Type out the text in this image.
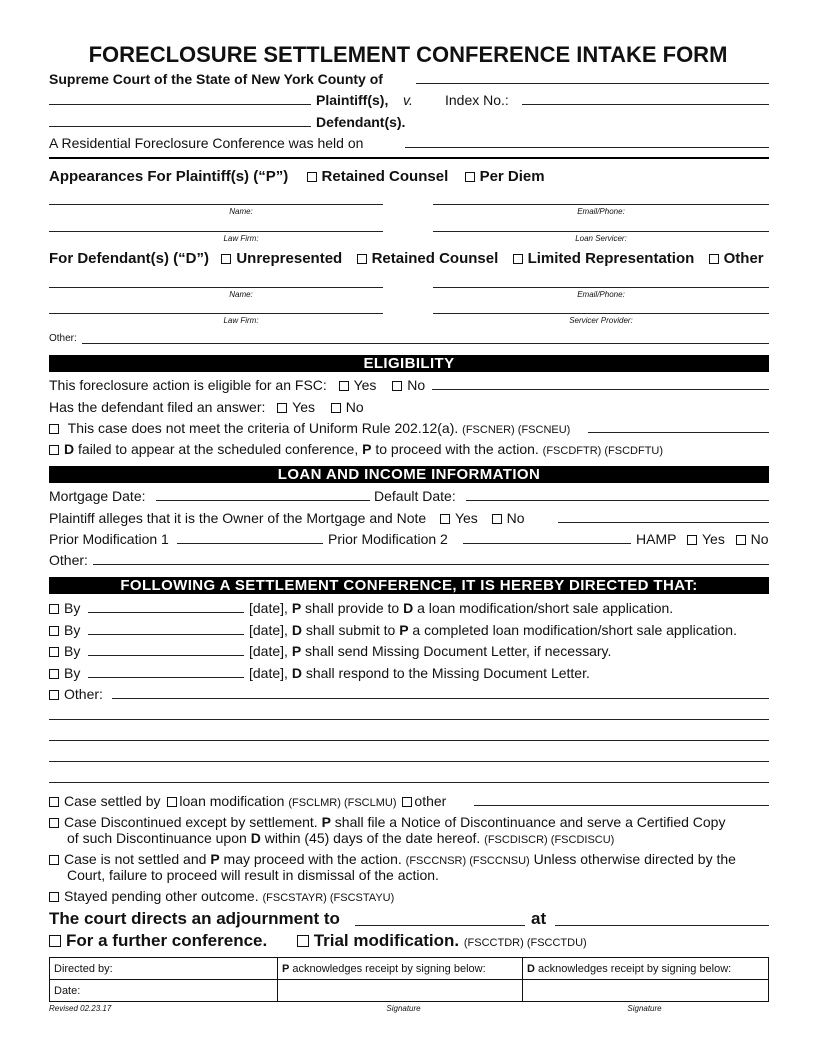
FORECLOSURE SETTLEMENT CONFERENCE INTAKE FORM
Supreme Court of the State of New York County of
Plaintiff(s), v. Index No.:
Defendant(s).
A Residential Foreclosure Conference was held on
Appearances For Plaintiff(s) (“P”) Retained Counsel Per Diem
Name:	Email/Phone:
Law Firm:	Loan Servicer:
For Defendant(s) (“D”) Unrepresented Retained Counsel Limited Representation Other
Name:	Email/Phone:
Law Firm:	Servicer Provider:
Other:
ELIGIBILITY
This foreclosure action is eligible for an FSC: Yes No
Has the defendant filed an answer: Yes No
This case does not meet the criteria of Uniform Rule 202.12(a). (FSCNER) (FSCNEU)
D failed to appear at the scheduled conference, P to proceed with the action. (FSCDFTR) (FSCDFTU)
LOAN AND INCOME INFORMATION
Mortgage Date:	Default Date:
Plaintiff alleges that it is the Owner of the Mortgage and Note Yes No
Prior Modification 1	Prior Modification 2	HAMP Yes No
Other:
FOLLOWING A SETTLEMENT CONFERENCE, IT IS HEREBY DIRECTED THAT:
By	[date], P shall provide to D a loan modification/short sale application.
By	[date], D shall submit to P a completed loan modification/short sale application.
By	[date], P shall send Missing Document Letter, if necessary.
By	[date], D shall respond to the Missing Document Letter.
Other:
Case settled by loan modification (FSCLMR) (FSCLMU) other
Case Discontinued except by settlement. P shall file a Notice of Discontinuance and serve a Certified Copy
of such Discontinuance upon D within (45) days of the date hereof. (FSCDISCR) (FSCDISCU)
Case is not settled and P may proceed with the action. (FSCCNSR) (FSCCNSU) Unless otherwise directed by the
Court, failure to proceed will result in dismissal of the action.
Stayed pending other outcome. (FSCSTAYR) (FSCSTAYU)
The court directs an adjournment to	at
For a further conference.	Trial modification. (FSCCTDR) (FSCCTDU)
Directed by:	P acknowledges receipt by signing below:	D acknowledges receipt by signing below:
Date:		
Revised 02.23.17	Signature	Signature
